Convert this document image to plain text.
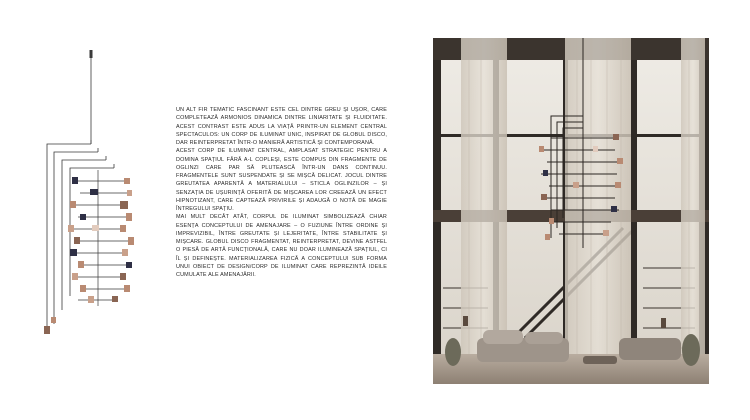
UN ALT FIR TEMATIC FASCINANT ESTE CEL DINTRE GREU ȘI UȘOR, CARE COMPLETEAZĂ ARMONIOS DINAMICA DINTRE LINIARITATE ȘI FLUIDITATE. ACEST CONTRAST ESTE ADUS LA VIAȚĂ PRINTR-UN ELEMENT CENTRAL SPECTACULOS: UN CORP DE ILUMINAT UNIC, INSPIRAT DE GLOBUL DISCO, DAR REINTERPRETAT ÎNTR-O MANIERĂ ARTISTICĂ ȘI CONTEMPORANĂ.

ACEST CORP DE ILUMINAT CENTRAL, AMPLASAT STRATEGIC PENTRU A DOMINA SPAȚIUL FĂRĂ A-L COPLEȘI, ESTE COMPUS DIN FRAGMENTE DE OGLINZI CARE PAR SĂ PLUTEASCĂ ÎNTR-UN DANS CONTINUU. FRAGMENTELE SUNT SUSPENDATE ȘI SE MIȘCĂ DELICAT. JOCUL DINTRE GREUTATEA APARENTĂ A MATERIALULUI – STICLA OGLINZILOR – ȘI SENZAȚIA DE UȘURINȚĂ OFERITĂ DE MIȘCAREA LOR CREEAZĂ UN EFECT HIPNOTIZANT, CARE CAPTEAZĂ PRIVIRILE ȘI ADAUGĂ O NOTĂ DE MAGIE ÎNTREGULUI SPAȚIU.

MAI MULT DECÂT ATÂT, CORPUL DE ILUMINAT SIMBOLIZEAZĂ CHIAR ESENȚA CONCEPTULUI DE AMENAJARE – O FUZIUNE ÎNTRE ORDINE ȘI IMPREVIZIBIL, ÎNTRE GREUTATE ȘI LEJERITATE, ÎNTRE STABILITATE ȘI MIȘCARE. GLOBUL DISCO FRAGMENTAT, REINTERPRETAT, DEVINE ASTFEL O PIESĂ DE ARTĂ FUNCȚIONALĂ, CARE NU DOAR ILUMINEAZĂ SPAȚIUL, CI ÎL ȘI DEFINEȘTE. MATERIALIZAREA FIZICĂ A CONCEPTULUI SUB FORMA UNUI OBIECT DE DESIGN/CORP DE ILUMINAT CARE REPREZINTĂ IDEILE CUMULATE ALE AMENAJĂRII.
